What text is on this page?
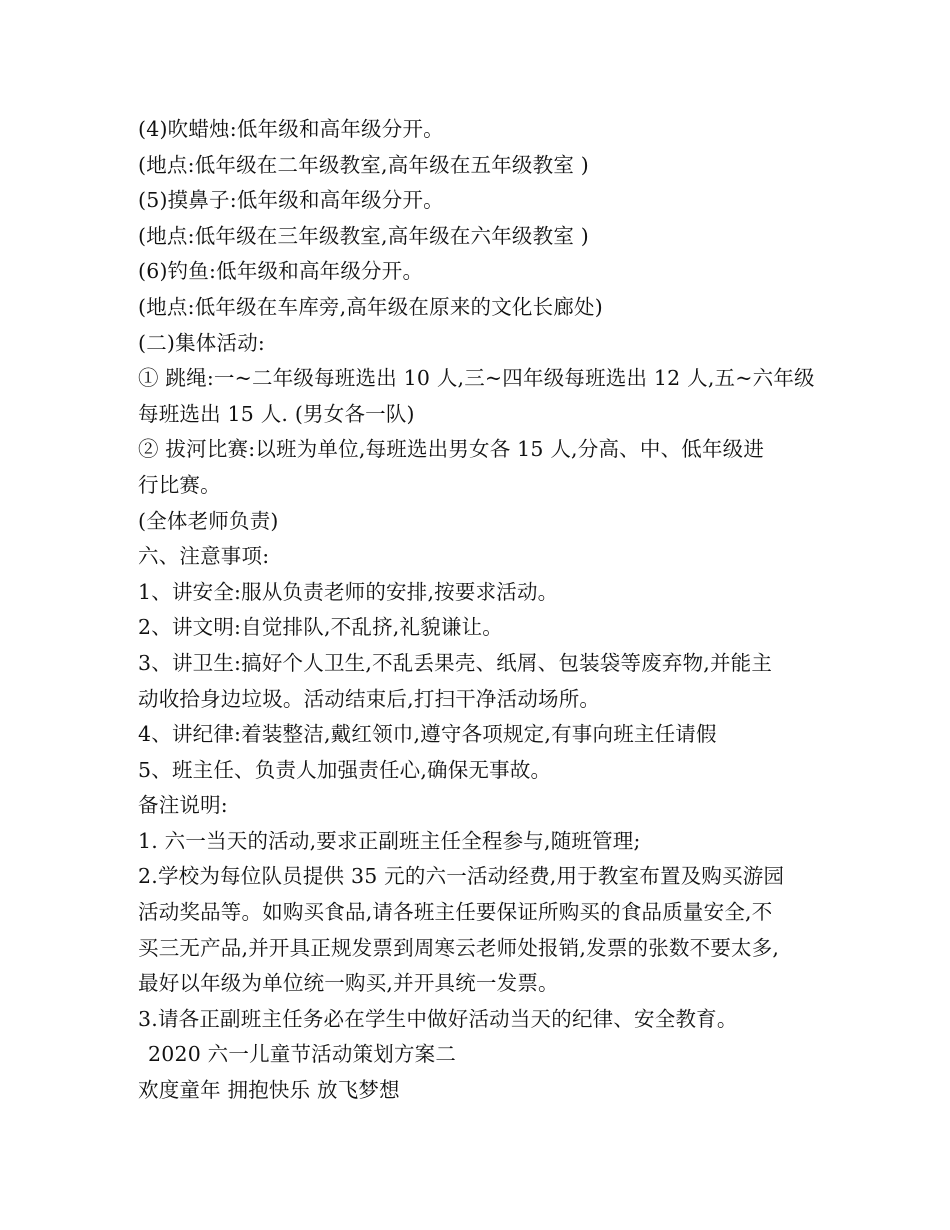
(4)吹蜡烛:低年级和高年级分开。
(地点:低年级在二年级教室,高年级在五年级教室 )
(5)摸鼻子:低年级和高年级分开。
(地点:低年级在三年级教室,高年级在六年级教室 )
(6)钓鱼:低年级和高年级分开。
(地点:低年级在车库旁,高年级在原来的文化长廊处)
(二)集体活动:
① 跳绳:一~二年级每班选出 10 人,三~四年级每班选出 12 人,五~六年级
每班选出 15 人. (男女各一队)
② 拔河比赛:以班为单位,每班选出男女各 15 人,分高、中、低年级进
行比赛。
(全体老师负责)
六、注意事项:
1、讲安全:服从负责老师的安排,按要求活动。
2、讲文明:自觉排队,不乱挤,礼貌谦让。
3、讲卫生:搞好个人卫生,不乱丢果壳、纸屑、包装袋等废弃物,并能主
动收拾身边垃圾。活动结束后,打扫干净活动场所。
4、讲纪律:着装整洁,戴红领巾,遵守各项规定,有事向班主任请假
5、班主任、负责人加强责任心,确保无事故。
备注说明:
1. 六一当天的活动,要求正副班主任全程参与,随班管理;
2.学校为每位队员提供 35 元的六一活动经费,用于教室布置及购买游园
活动奖品等。如购买食品,请各班主任要保证所购买的食品质量安全,不
买三无产品,并开具正规发票到周寒云老师处报销,发票的张数不要太多,
最好以年级为单位统一购买,并开具统一发票。
3.请各正副班主任务必在学生中做好活动当天的纪律、安全教育。
2020 六一儿童节活动策划方案二
欢度童年 拥抱快乐 放飞梦想
